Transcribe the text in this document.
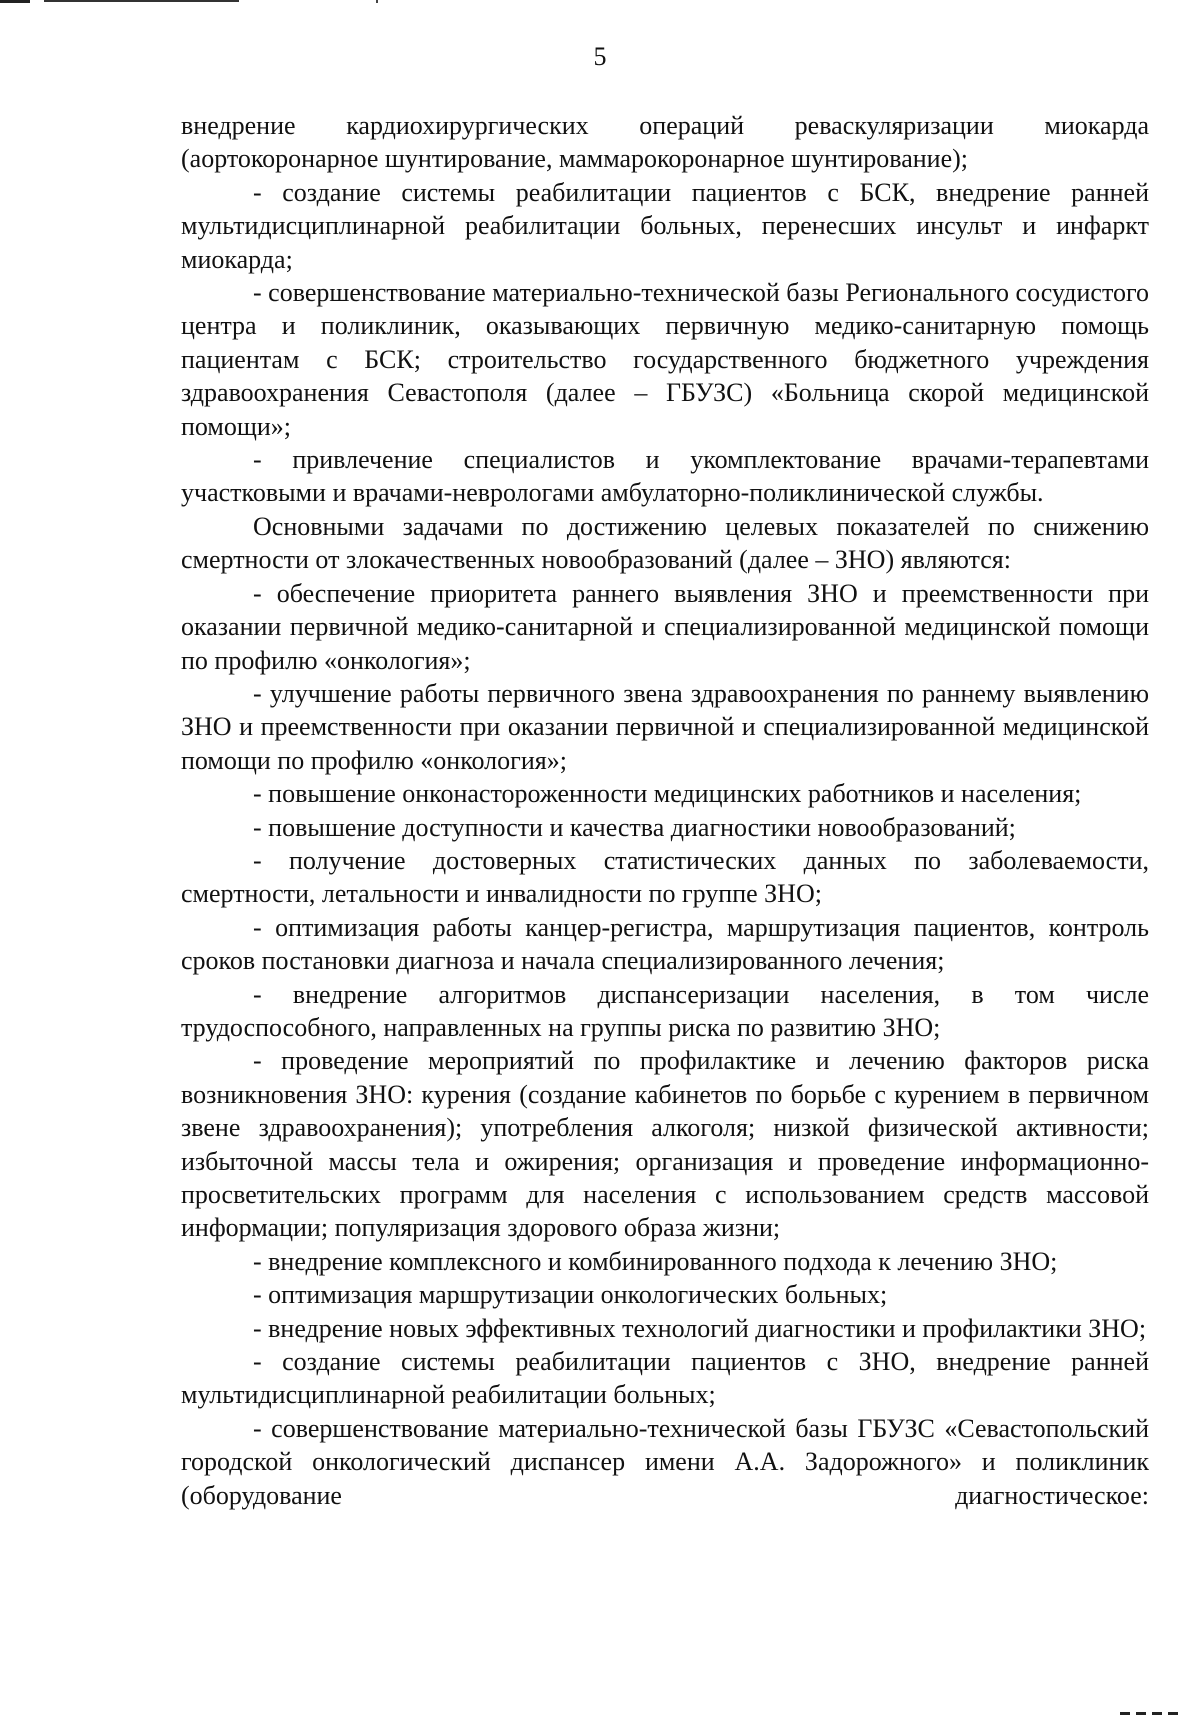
5

внедрение кардиохирургических операций реваскуляризации миокарда (аортокоронарное шунтирование, маммарокоронарное шунтирование);

- создание системы реабилитации пациентов с БСК, внедрение ранней мультидисциплинарной реабилитации больных, перенесших инсульт и инфаркт миокарда;

- совершенствование материально-технической базы Регионального сосудистого центра и поликлиник, оказывающих первичную медико-санитарную помощь пациентам с БСК; строительство государственного бюджетного учреждения здравоохранения Севастополя (далее – ГБУЗС) «Больница скорой медицинской помощи»;

- привлечение специалистов и укомплектование врачами-терапевтами участковыми и врачами-неврологами амбулаторно-поликлинической службы.

Основными задачами по достижению целевых показателей по снижению смертности от злокачественных новообразований (далее – ЗНО) являются:

- обеспечение приоритета раннего выявления ЗНО и преемственности при оказании первичной медико-санитарной и специализированной медицинской помощи по профилю «онкология»;

- улучшение работы первичного звена здравоохранения по раннему выявлению ЗНО и преемственности при оказании первичной и специализированной медицинской помощи по профилю «онкология»;

- повышение онконастороженности медицинских работников и населения;

- повышение доступности и качества диагностики новообразований;

- получение достоверных статистических данных по заболеваемости, смертности, летальности и инвалидности по группе ЗНО;

- оптимизация работы канцер-регистра, маршрутизация пациентов, контроль сроков постановки диагноза и начала специализированного лечения;

- внедрение алгоритмов диспансеризации населения, в том числе трудоспособного, направленных на группы риска по развитию ЗНО;

- проведение мероприятий по профилактике и лечению факторов риска возникновения ЗНО: курения (создание кабинетов по борьбе с курением в первичном звене здравоохранения); употребления алкоголя; низкой физической активности; избыточной массы тела и ожирения; организация и проведение информационно-просветительских программ для населения с использованием средств массовой информации; популяризация здорового образа жизни;

- внедрение комплексного и комбинированного подхода к лечению ЗНО;

- оптимизация маршрутизации онкологических больных;

- внедрение новых эффективных технологий диагностики и профилактики ЗНО;

- создание системы реабилитации пациентов с ЗНО, внедрение ранней мультидисциплинарной реабилитации больных;

- совершенствование материально-технической базы ГБУЗС «Севастопольский городской онкологический диспансер имени А.А. Задорожного» и поликлиник (оборудование диагностическое:
